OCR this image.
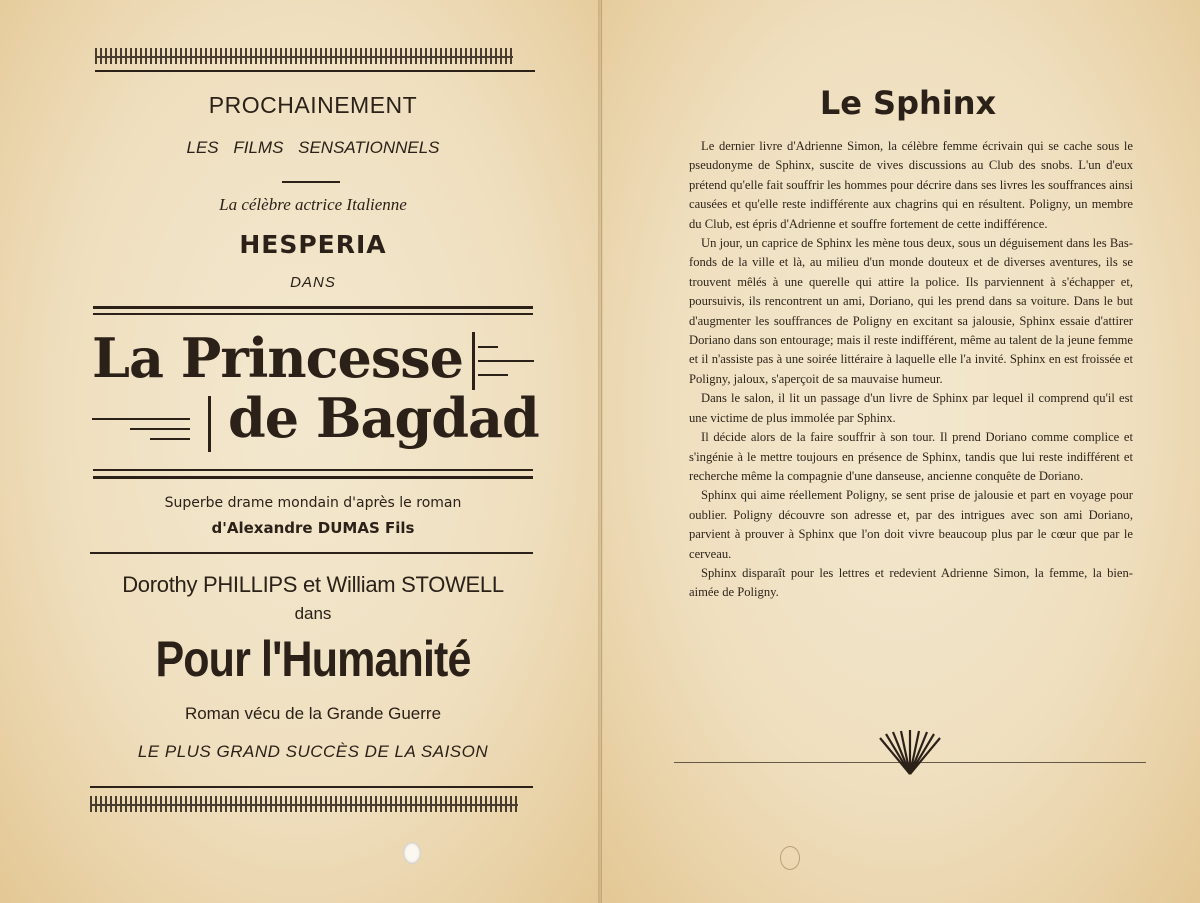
PROCHAINEMENT
LES FILMS SENSATIONNELS
La célèbre actrice Italienne
HESPERIA
DANS
La Princesse
de Bagdad
Superbe drame mondain d'après le roman
d'Alexandre DUMAS Fils
Dorothy PHILLIPS et William STOWELL
dans
Pour l'Humanité
Roman vécu de la Grande Guerre
LE PLUS GRAND SUCCÈS DE LA SAISON
Le Sphinx

Le dernier livre d'Adrienne Simon, la célèbre femme écrivain qui se cache sous le pseudonyme de Sphinx, suscite de vives discussions au Club des snobs. L'un d'eux prétend qu'elle fait souffrir les hommes pour décrire dans ses livres les souffrances ainsi causées et qu'elle reste indifférente aux chagrins qui en résultent. Poligny, un membre du Club, est épris d'Adrienne et souffre fortement de cette indifférence.

Un jour, un caprice de Sphinx les mène tous deux, sous un déguisement dans les Bas-fonds de la ville et là, au milieu d'un monde douteux et de diverses aventures, ils se trouvent mêlés à une querelle qui attire la police. Ils parviennent à s'échapper et, poursuivis, ils rencontrent un ami, Doriano, qui les prend dans sa voiture. Dans le but d'augmenter les souffrances de Poligny en excitant sa jalousie, Sphinx essaie d'attirer Doriano dans son entourage; mais il reste indifférent, même au talent de la jeune femme et il n'assiste pas à une soirée littéraire à laquelle elle l'a invité. Sphinx en est froissée et Poligny, jaloux, s'aperçoit de sa mauvaise humeur.

Dans le salon, il lit un passage d'un livre de Sphinx par lequel il comprend qu'il est une victime de plus immolée par Sphinx.

Il décide alors de la faire souffrir à son tour. Il prend Doriano comme complice et s'ingénie à le mettre toujours en présence de Sphinx, tandis que lui reste indifférent et recherche même la compagnie d'une danseuse, ancienne conquête de Doriano.

Sphinx qui aime réellement Poligny, se sent prise de jalousie et part en voyage pour oublier. Poligny découvre son adresse et, par des intrigues avec son ami Doriano, parvient à prouver à Sphinx que l'on doit vivre beaucoup plus par le cœur que par le cerveau.

Sphinx disparaît pour les lettres et redevient Adrienne Simon, la femme, la bien-aimée de Poligny.
